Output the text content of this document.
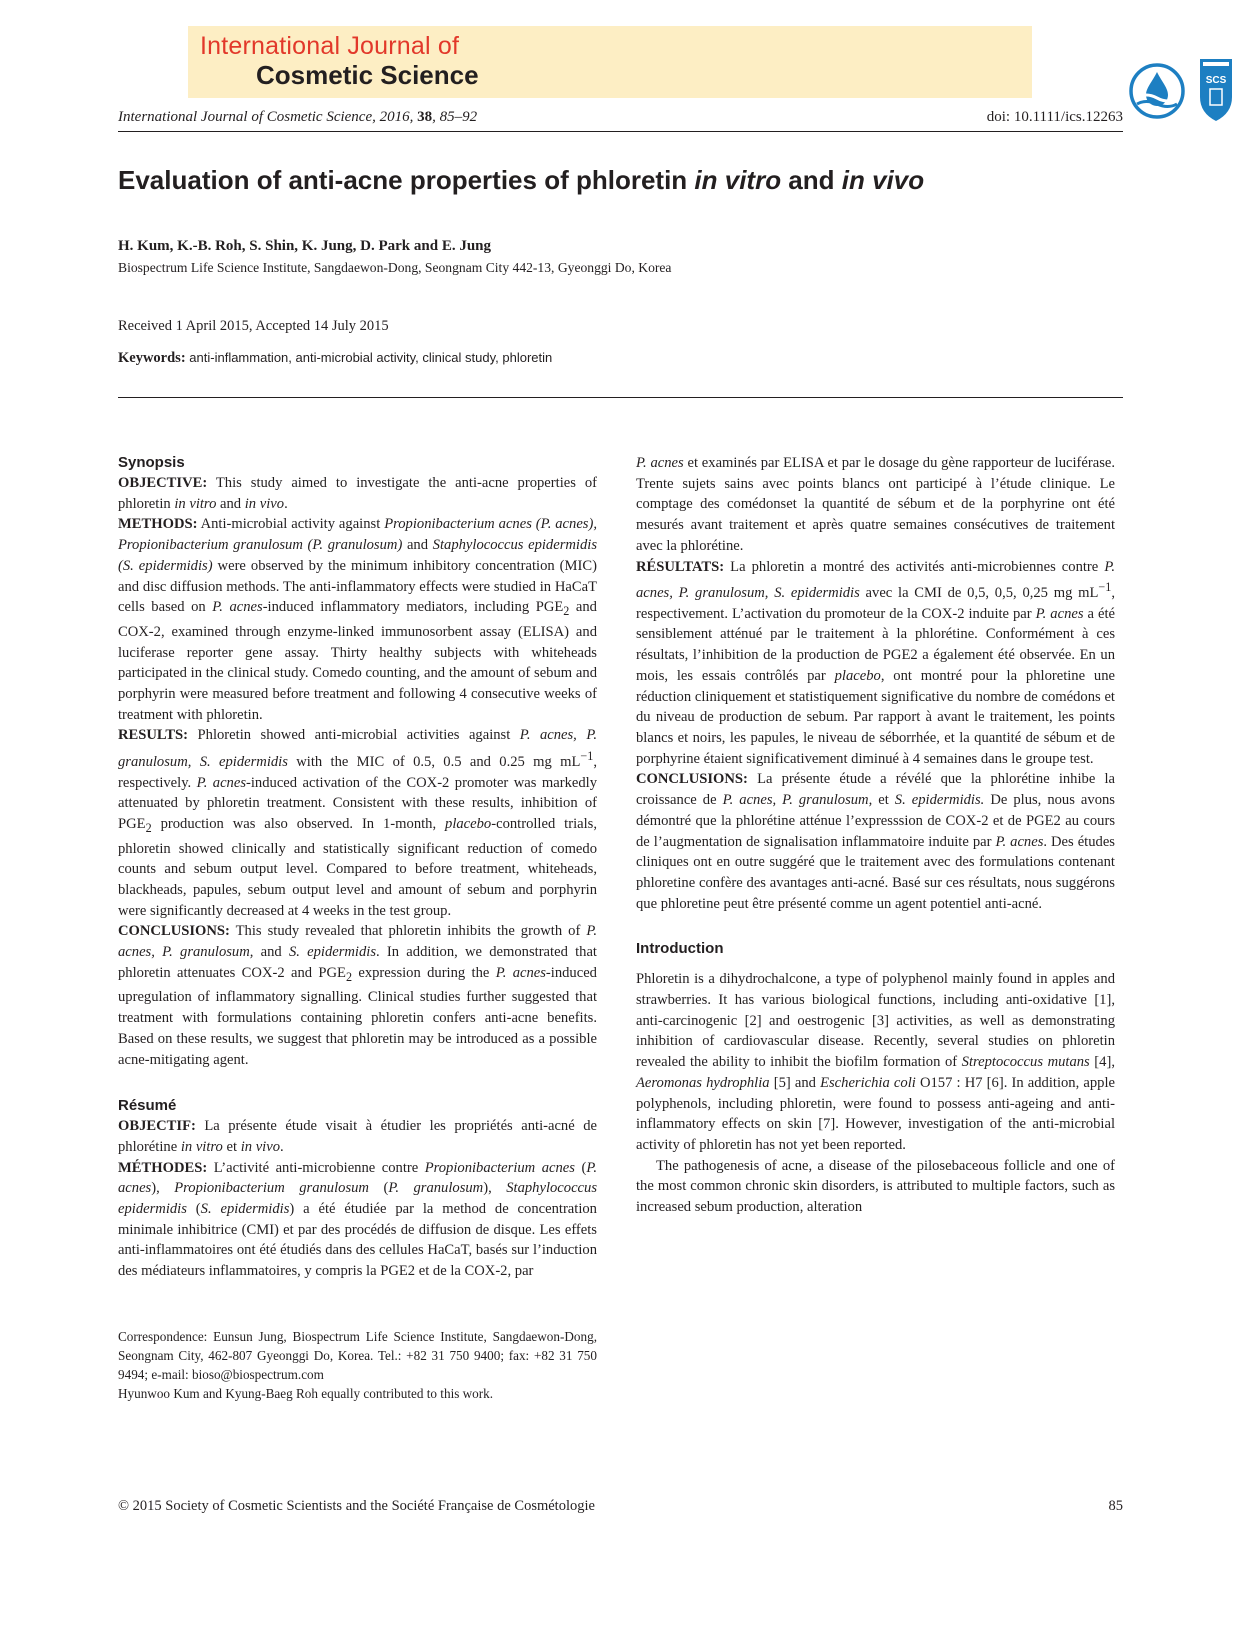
International Journal of
Cosmetic Science	SCS
International Journal of Cosmetic Science, 2016, 38, 85–92	doi: 10.1111/ics.12263
Evaluation of anti-acne properties of phloretin in vitro and in vivo
H. Kum, K.-B. Roh, S. Shin, K. Jung, D. Park and E. Jung
Biospectrum Life Science Institute, Sangdaewon-Dong, Seongnam City 442-13, Gyeonggi Do, Korea
Received 1 April 2015, Accepted 14 July 2015
Keywords: anti-inflammation, anti-microbial activity, clinical study, phloretin

Synopsis

OBJECTIVE: This study aimed to investigate the anti-acne properties of phloretin in vitro and in vivo.

METHODS: Anti-microbial activity against Propionibacterium acnes (P. acnes), Propionibacterium granulosum (P. granulosum) and Staphylococcus epidermidis (S. epidermidis) were observed by the minimum inhibitory concentration (MIC) and disc diffusion methods. The anti-inflammatory effects were studied in HaCaT cells based on P. acnes-induced inflammatory mediators, including $PGE_2$ and COX-2, examined through enzyme-linked immunosorbent assay (ELISA) and luciferase reporter gene assay. Thirty healthy subjects with whiteheads participated in the clinical study. Comedo counting, and the amount of sebum and porphyrin were measured before treatment and following 4 consecutive weeks of treatment with phloretin.

RESULTS: Phloretin showed anti-microbial activities against P. acnes, P. granulosum, S. epidermidis with the MIC of 0.5, 0.5 and 0.25 mg $mL^{-1}$, respectively. P. acnes-induced activation of the COX-2 promoter was markedly attenuated by phloretin treatment. Consistent with these results, inhibition of $PGE_2$ production was also observed. In 1-month, placebo-controlled trials, phloretin showed clinically and statistically significant reduction of comedo counts and sebum output level. Compared to before treatment, whiteheads, blackheads, papules, sebum output level and amount of sebum and porphyrin were significantly decreased at 4 weeks in the test group.

CONCLUSIONS: This study revealed that phloretin inhibits the growth of P. acnes, P. granulosum, and S. epidermidis. In addition, we demonstrated that phloretin attenuates COX-2 and $PGE_2$ expression during the P. acnes-induced upregulation of inflammatory signalling. Clinical studies further suggested that treatment with formulations containing phloretin confers anti-acne benefits. Based on these results, we suggest that phloretin may be introduced as a possible acne-mitigating agent.

Résumé

OBJECTIF: La présente étude visait à étudier les propriétés anti-acné de phlorétine in vitro et in vivo.

MÉTHODES: L’activité anti-microbienne contre Propionibacterium acnes (P. acnes), Propionibacterium granulosum (P. granulosum), Staphylococcus epidermidis (S. epidermidis) a été étudiée par la method de concentration minimale inhibitrice (CMI) et par des procédés de diffusion de disque. Les effets anti-inflammatoires ont été étudiés dans des cellules HaCaT, basés sur l’induction des médiateurs inflammatoires, y compris la PGE2 et de la COX-2, par

Correspondence: Eunsun Jung, Biospectrum Life Science Institute, Sangdaewon-Dong, Seongnam City, 462-807 Gyeonggi Do, Korea. Tel.: +82 31 750 9400; fax: +82 31 750 9494; e-mail: bioso@biospectrum.com

Hyunwoo Kum and Kyung-Baeg Roh equally contributed to this work.

P. acnes et examinés par ELISA et par le dosage du gène rapporteur de luciférase. Trente sujets sains avec points blancs ont participé à l’étude clinique. Le comptage des comédonset la quantité de sébum et de la porphyrine ont été mesurés avant traitement et après quatre semaines consécutives de traitement avec la phlorétine.

RÉSULTATS: La phloretin a montré des activités anti-microbiennes contre P. acnes, P. granulosum, S. epidermidis avec la CMI de 0,5, 0,5, 0,25 mg $mL^{-1}$, respectivement. L’activation du promoteur de la COX-2 induite par P. acnes a été sensiblement atténué par le traitement à la phlorétine. Conformément à ces résultats, l’inhibition de la production de PGE2 a également été observée. En un mois, les essais contrôlés par placebo, ont montré pour la phloretine une réduction cliniquement et statistiquement significative du nombre de comédons et du niveau de production de sebum. Par rapport à avant le traitement, les points blancs et noirs, les papules, le niveau de séborrhée, et la quantité de sébum et de porphyrine étaient significativement diminué à 4 semaines dans le groupe test.

CONCLUSIONS: La présente étude a révélé que la phlorétine inhibe la croissance de P. acnes, P. granulosum, et S. epidermidis. De plus, nous avons démontré que la phlorétine atténue l’expresssion de COX-2 et de PGE2 au cours de l’augmentation de signalisation inflammatoire induite par P. acnes. Des études cliniques ont en outre suggéré que le traitement avec des formulations contenant phloretine confère des avantages anti-acné. Basé sur ces résultats, nous suggérons que phloretine peut être présenté comme un agent potentiel anti-acné.

Introduction

Phloretin is a dihydrochalcone, a type of polyphenol mainly found in apples and strawberries. It has various biological functions, including anti-oxidative [1], anti-carcinogenic [2] and oestrogenic [3] activities, as well as demonstrating inhibition of cardiovascular disease. Recently, several studies on phloretin revealed the ability to inhibit the biofilm formation of Streptococcus mutans [4], Aeromonas hydrophlia [5] and Escherichia coli O157 : H7 [6]. In addition, apple polyphenols, including phloretin, were found to possess anti-ageing and anti-inflammatory effects on skin [7]. However, investigation of the anti-microbial activity of phloretin has not yet been reported.

The pathogenesis of acne, a disease of the pilosebaceous follicle and one of the most common chronic skin disorders, is attributed to multiple factors, such as increased sebum production, alteration

© 2015 Society of Cosmetic Scientists and the Société Française de Cosmétologie	85
